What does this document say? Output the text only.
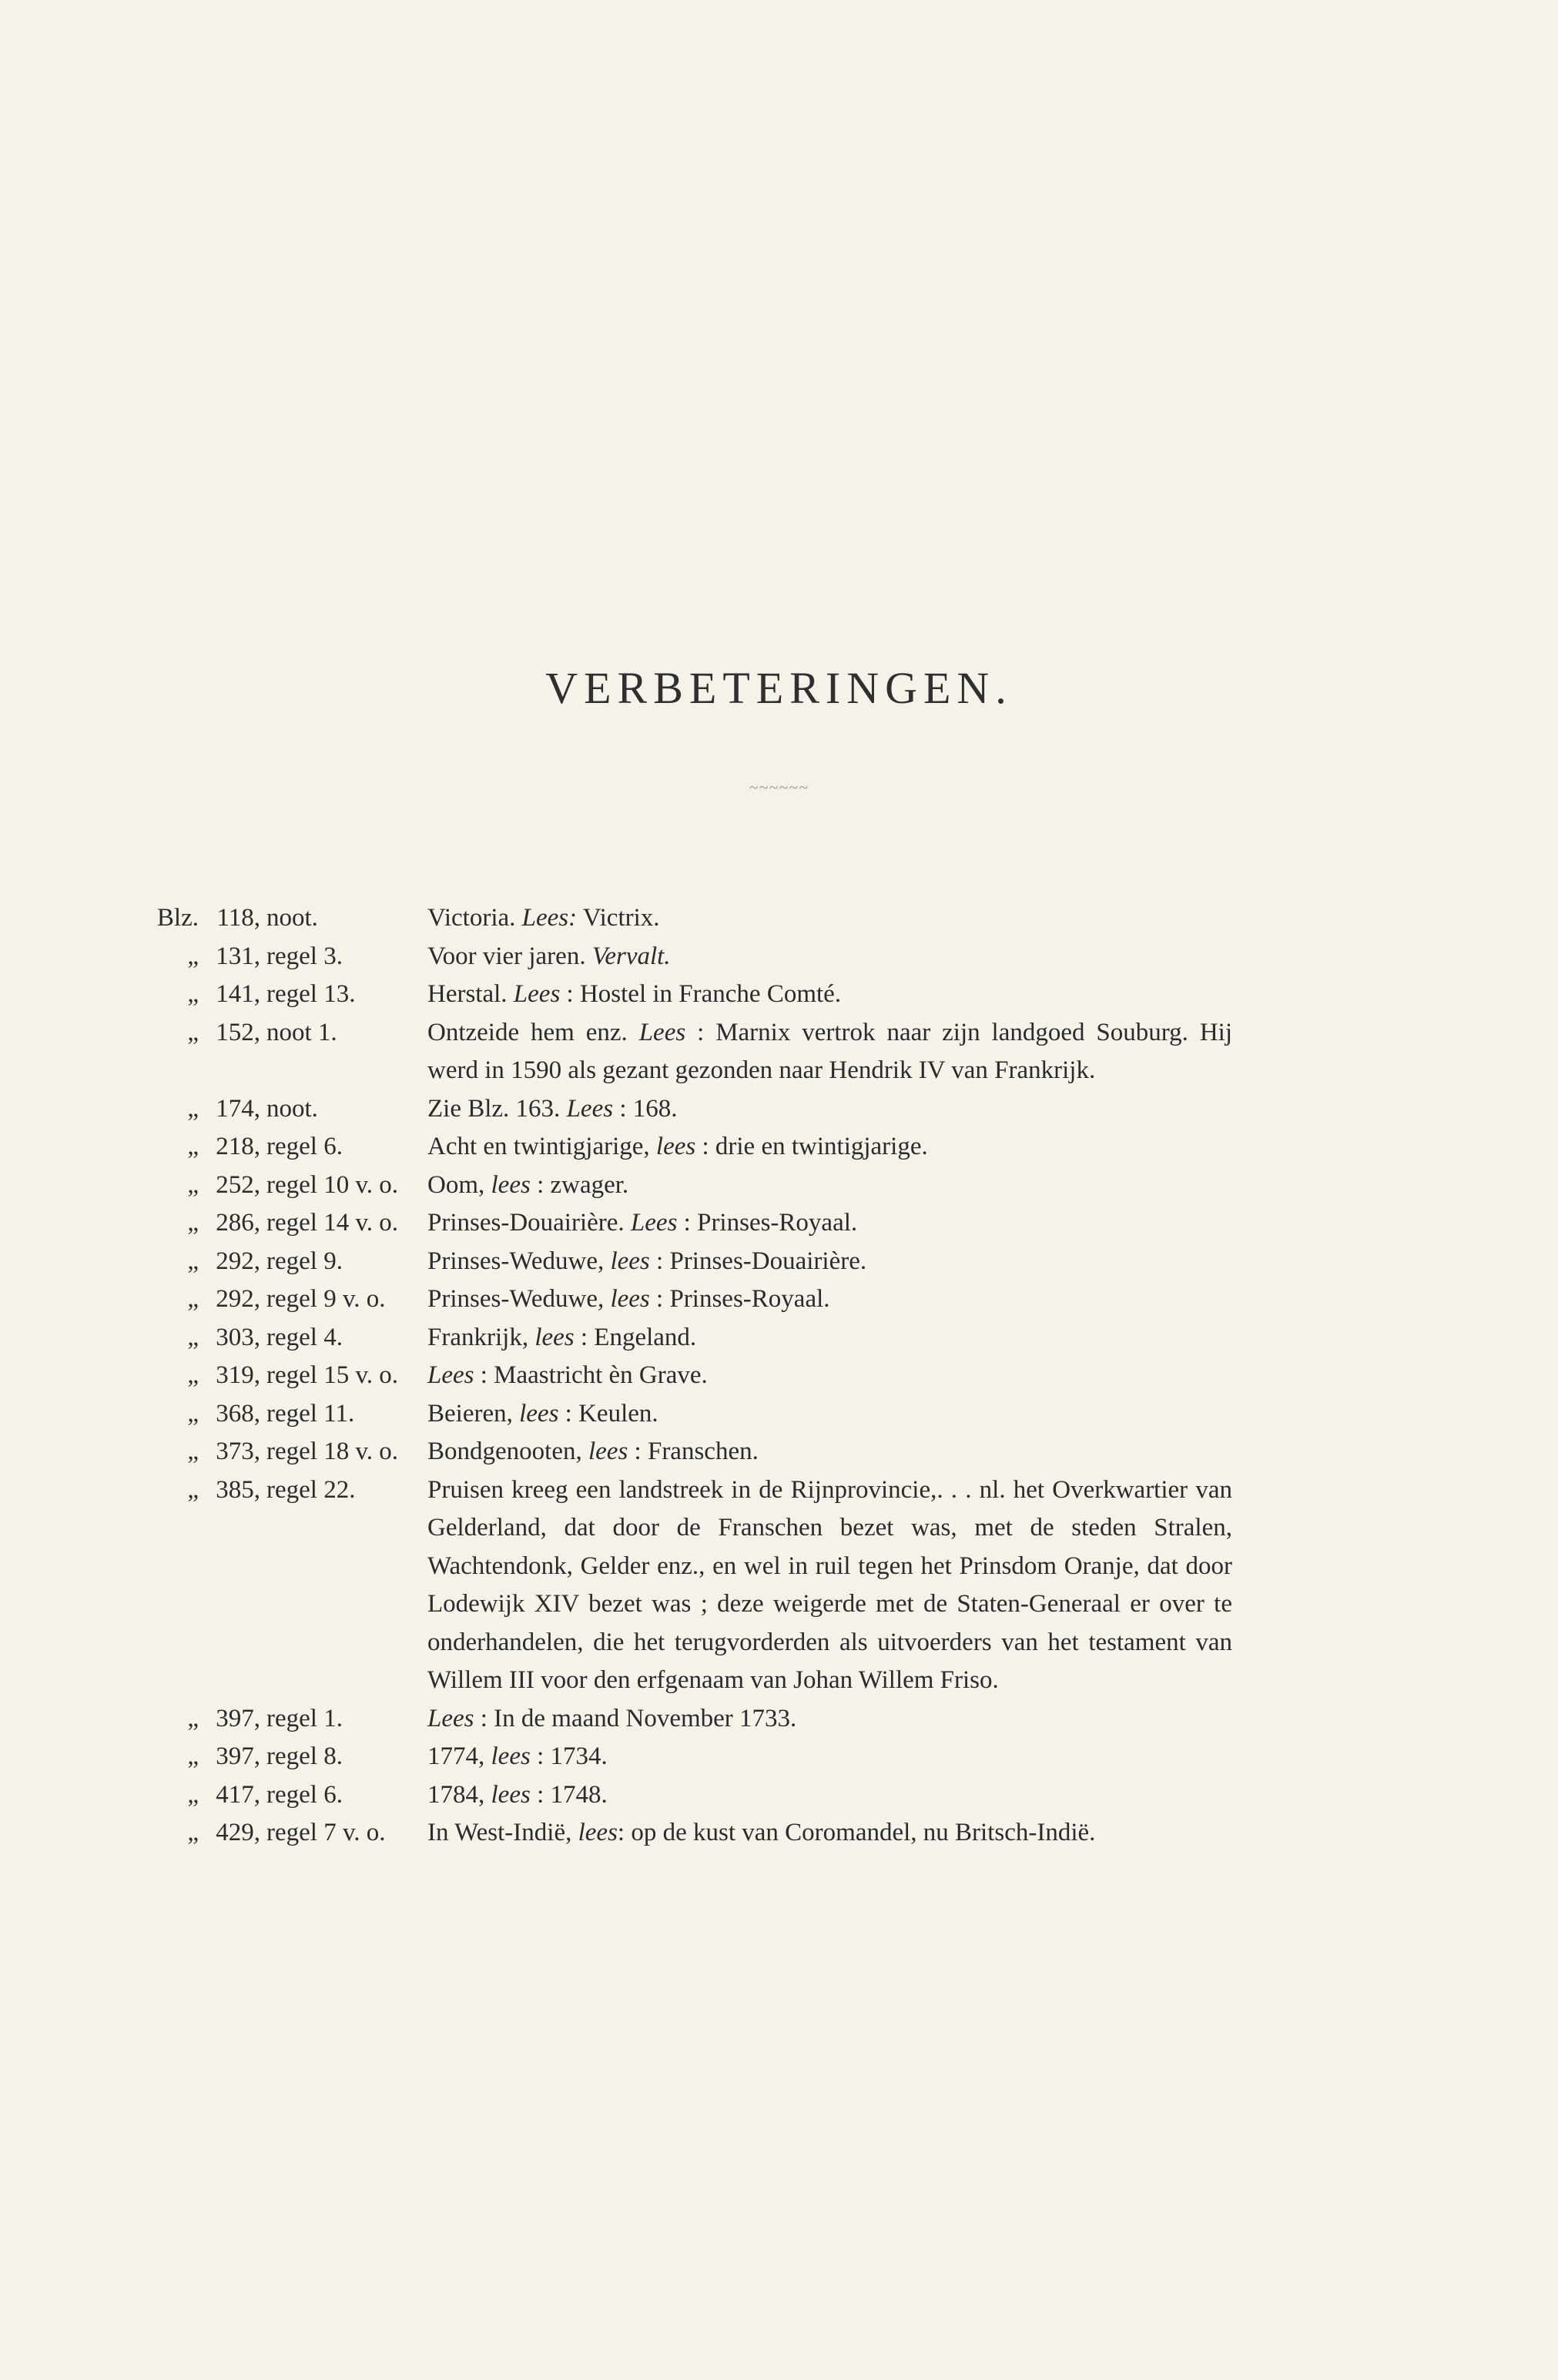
VERBETERINGEN.
~~~~~~
Blz. 118, noot.	Victoria. Lees: Victrix.
„ 131, regel 3.	Voor vier jaren. Vervalt.
„ 141, regel 13.	Herstal. Lees : Hostel in Franche Comté.
„ 152, noot 1.	Ontzeide hem enz. Lees : Marnix vertrok naar zijn landgoed Souburg. Hij werd in 1590 als gezant gezonden naar Hendrik IV van Frankrijk.
„ 174, noot.	Zie Blz. 163. Lees : 168.
„ 218, regel 6.	Acht en twintigjarige, lees : drie en twintigjarige.
„ 252, regel 10 v. o.	Oom, lees : zwager.
„ 286, regel 14 v. o.	Prinses-Douairière. Lees : Prinses-Royaal.
„ 292, regel 9.	Prinses-Weduwe, lees : Prinses-Douairière.
„ 292, regel 9 v. o.	Prinses-Weduwe, lees : Prinses-Royaal.
„ 303, regel 4.	Frankrijk, lees : Engeland.
„ 319, regel 15 v. o.	Lees : Maastricht èn Grave.
„ 368, regel 11.	Beieren, lees : Keulen.
„ 373, regel 18 v. o.	Bondgenooten, lees : Franschen.
„ 385, regel 22.	Pruisen kreeg een landstreek in de Rijnprovincie,. . . nl. het Overkwartier van Gelderland, dat door de Franschen bezet was, met de steden Stralen, Wachtendonk, Gelder enz., en wel in ruil tegen het Prinsdom Oranje, dat door Lodewijk XIV bezet was ; deze weigerde met de Staten-Generaal er over te onderhandelen, die het terugvorderden als uitvoerders van het testament van Willem III voor den erfgenaam van Johan Willem Friso.
„ 397, regel 1.	Lees : In de maand November 1733.
„ 397, regel 8.	1774, lees : 1734.
„ 417, regel 6.	1784, lees : 1748.
„ 429, regel 7 v. o.	In West-Indië, lees: op de kust van Coromandel, nu Britsch-Indië.
